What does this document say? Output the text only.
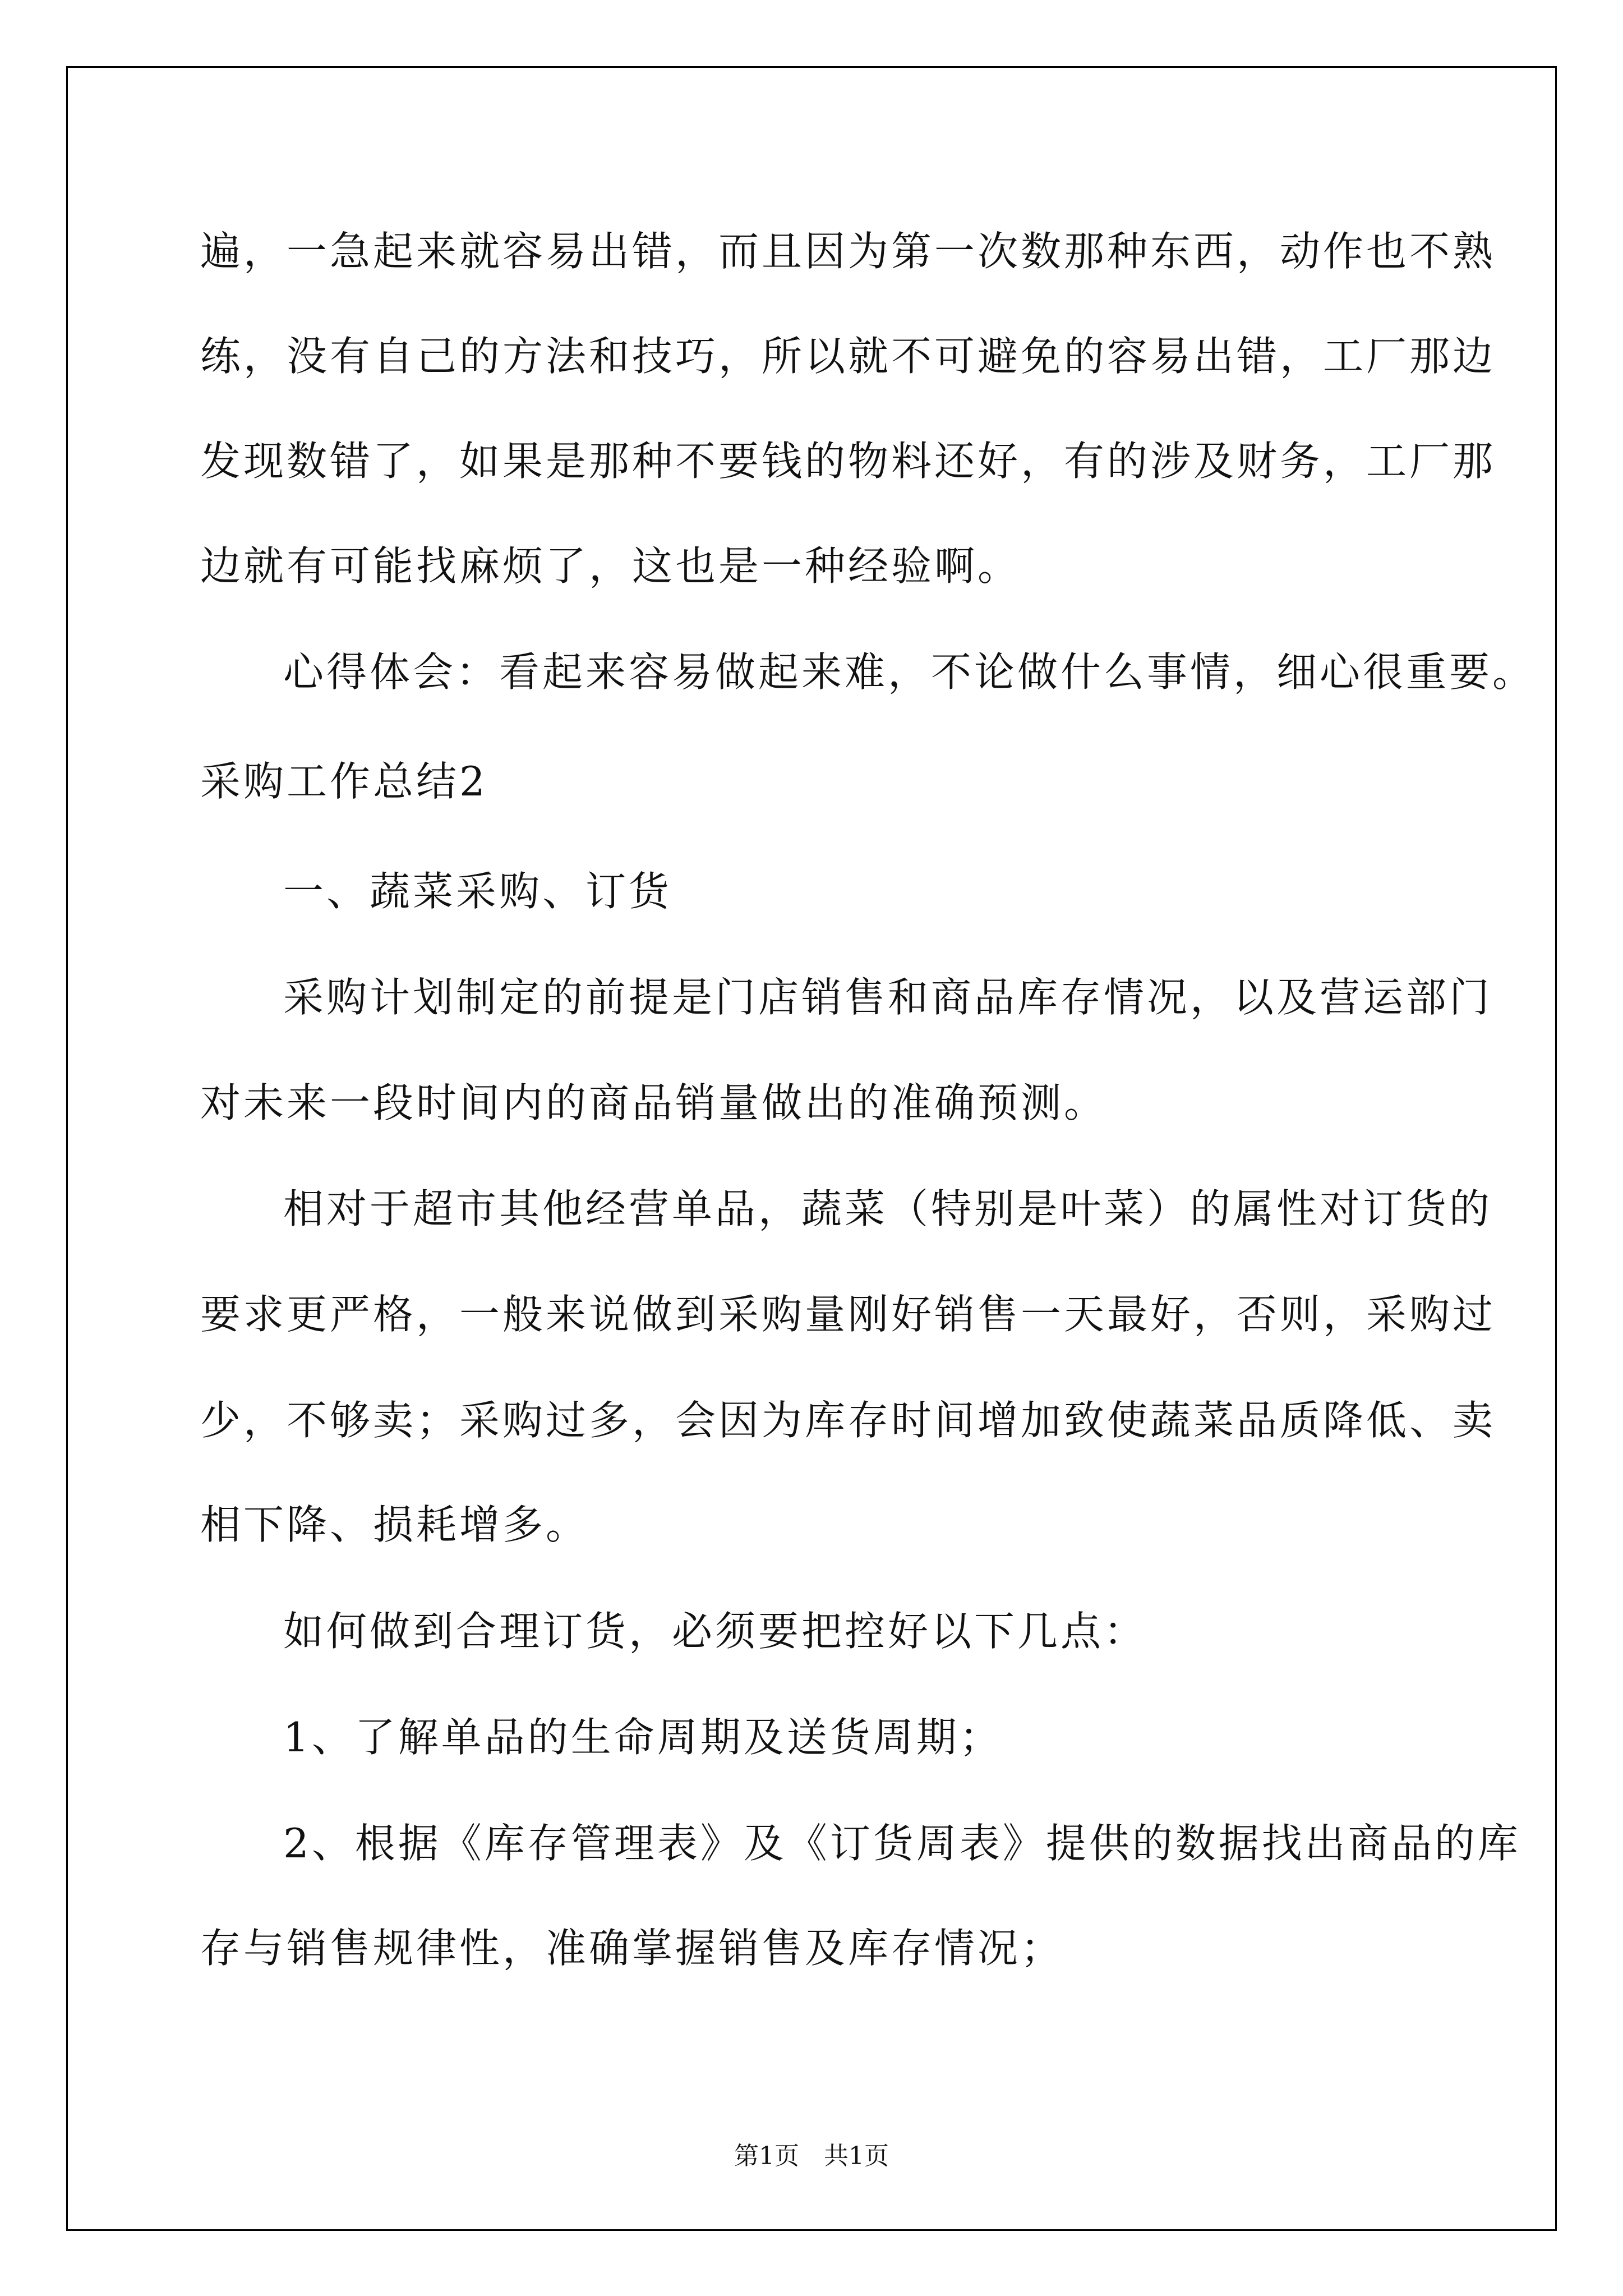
遍，一急起来就容易出错，而且因为第一次数那种东西，动作也不熟
练，没有自己的方法和技巧，所以就不可避免的容易出错，工厂那边
发现数错了，如果是那种不要钱的物料还好，有的涉及财务，工厂那
边就有可能找麻烦了，这也是一种经验啊。
心得体会：看起来容易做起来难，不论做什么事情，细心很重要。
采购工作总结2
一、蔬菜采购、订货
采购计划制定的前提是门店销售和商品库存情况，以及营运部门
对未来一段时间内的商品销量做出的准确预测。
相对于超市其他经营单品，蔬菜（特别是叶菜）的属性对订货的
要求更严格，一般来说做到采购量刚好销售一天最好，否则，采购过
少，不够卖；采购过多，会因为库存时间增加致使蔬菜品质降低、卖
相下降、损耗增多。
如何做到合理订货，必须要把控好以下几点：
1、了解单品的生命周期及送货周期；
2、根据《库存管理表》及《订货周表》提供的数据找出商品的库
存与销售规律性，准确掌握销售及库存情况；
第1页　共1页
